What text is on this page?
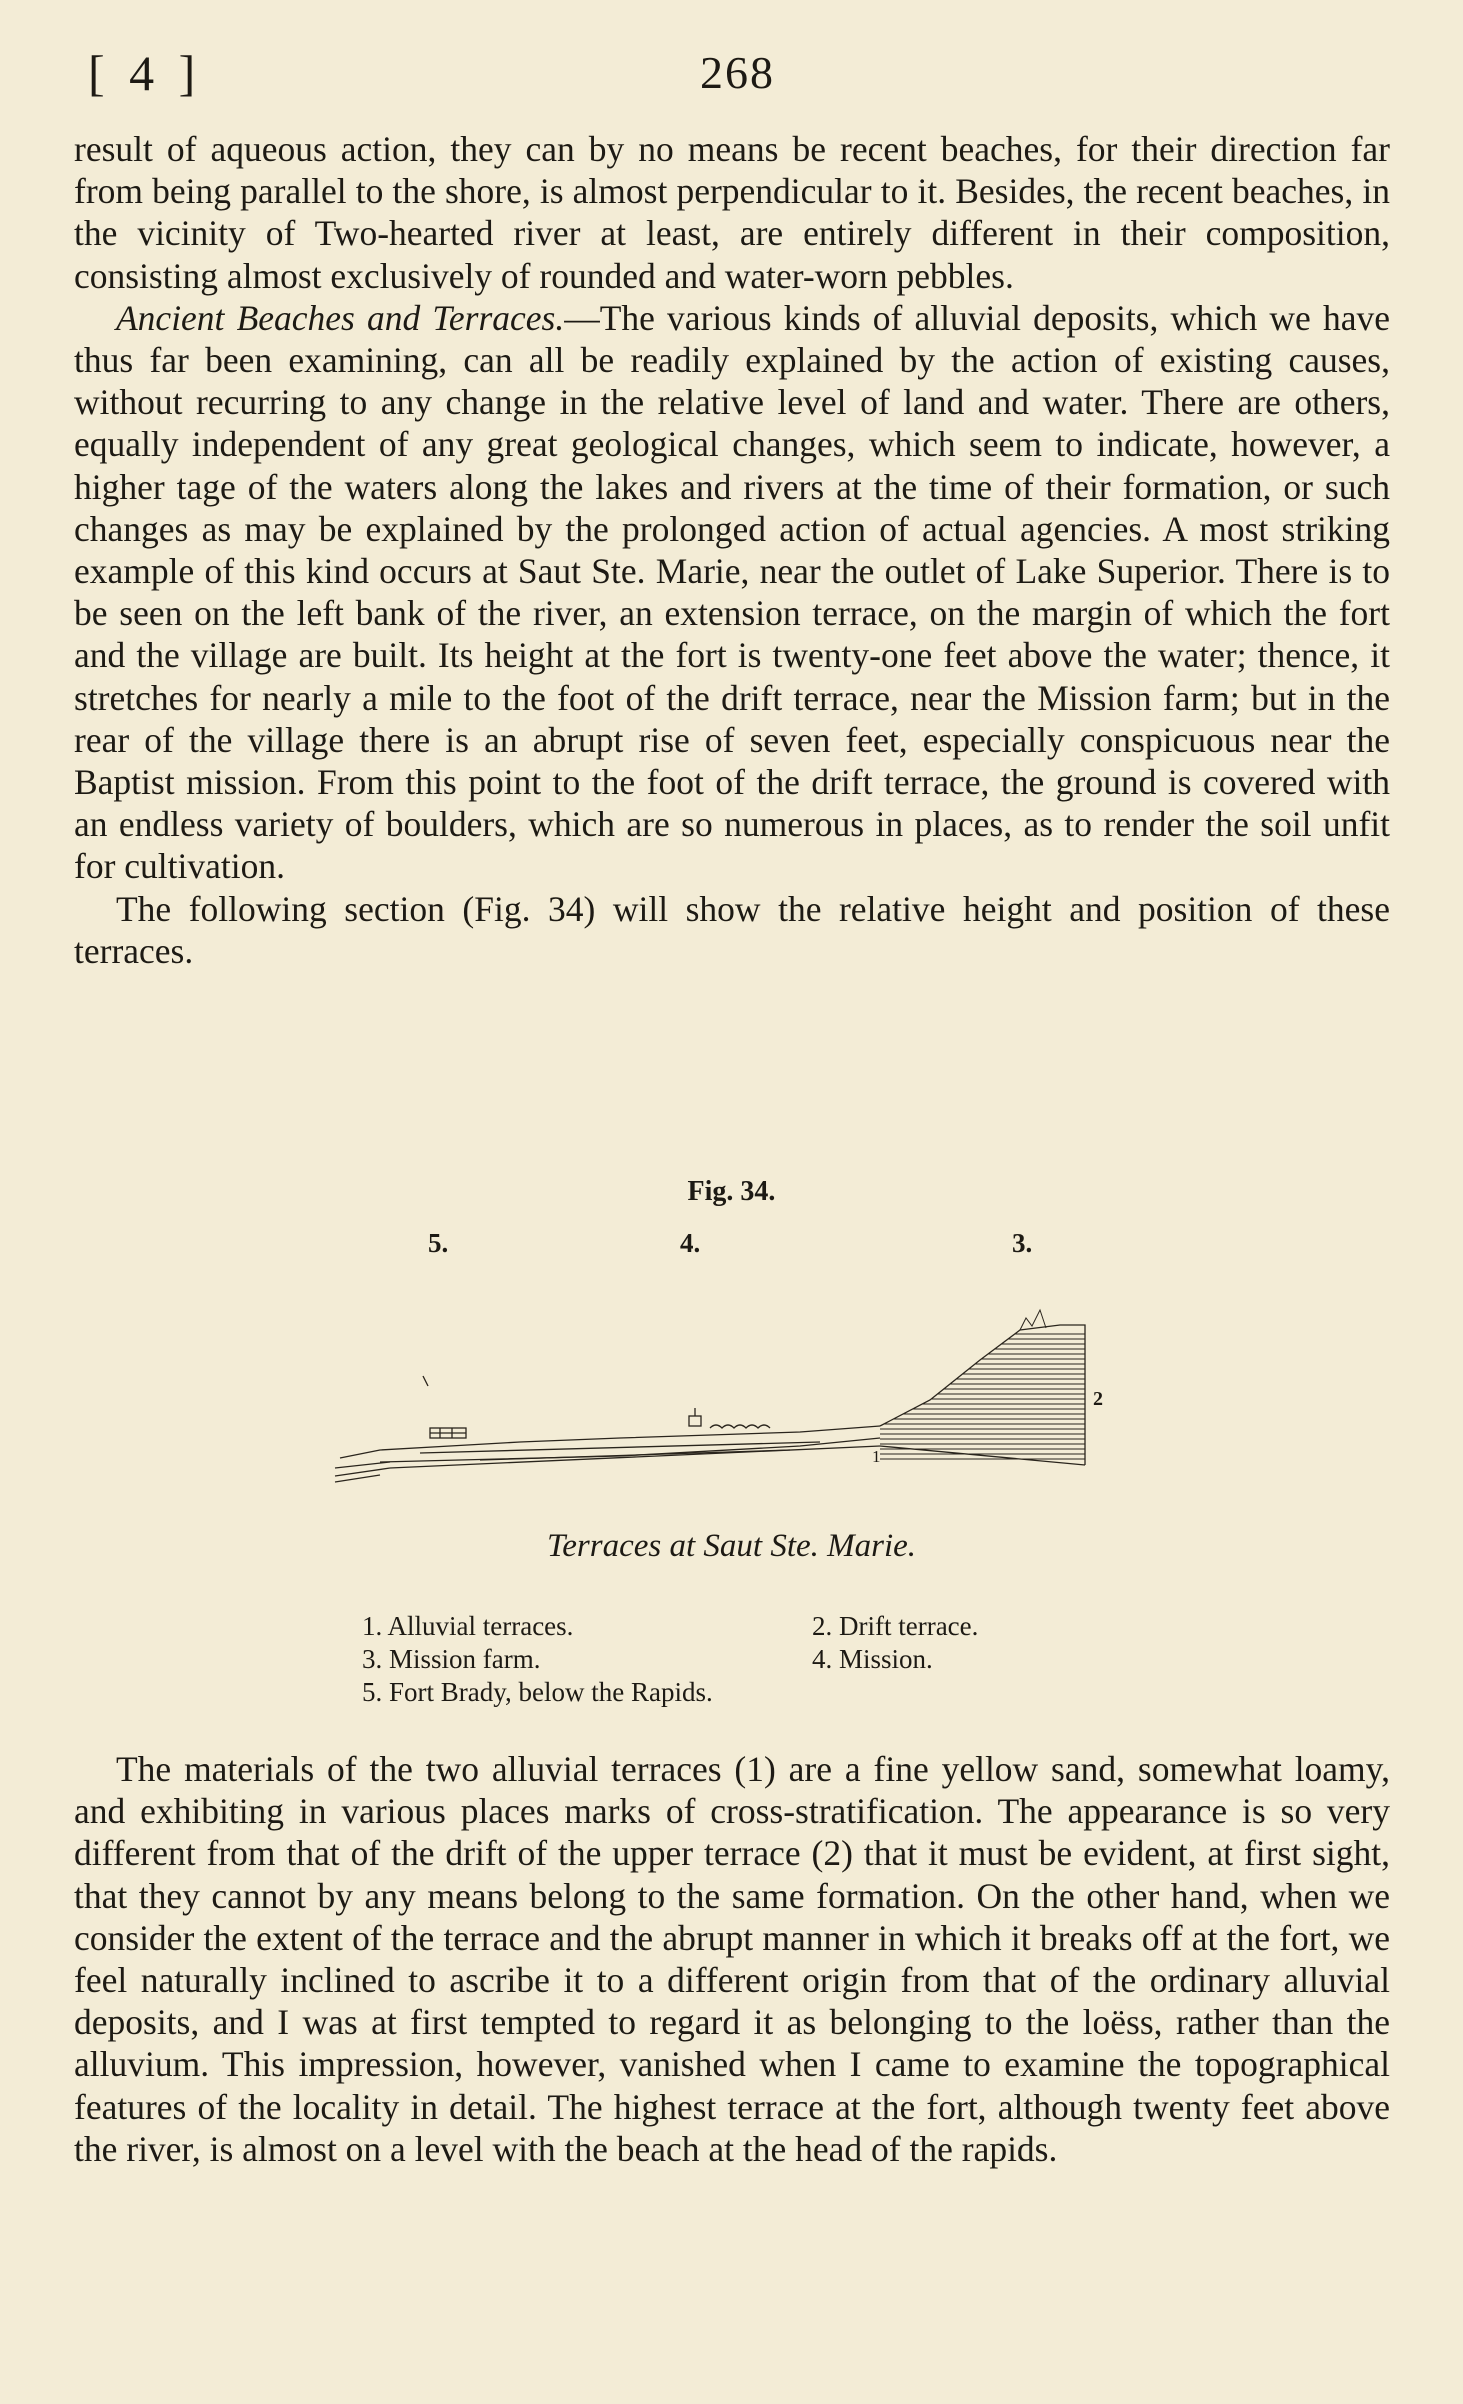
[ 4 ]	268

result of aqueous action, they can by no means be recent beaches, for their direction far from being parallel to the shore, is almost perpendicular to it. Besides, the recent beaches, in the vicinity of Two-hearted river at least, are entirely different in their composition, consisting almost exclusively of rounded and water-worn pebbles.

Ancient Beaches and Terraces.—The various kinds of alluvial deposits, which we have thus far been examining, can all be readily explained by the action of existing causes, without recurring to any change in the relative level of land and water. There are others, equally independent of any great geological changes, which seem to indicate, however, a higher tage of the waters along the lakes and rivers at the time of their formation, or such changes as may be explained by the prolonged action of actual agencies. A most striking example of this kind occurs at Saut Ste. Marie, near the outlet of Lake Superior. There is to be seen on the left bank of the river, an extension terrace, on the margin of which the fort and the village are built. Its height at the fort is twenty-one feet above the water; thence, it stretches for nearly a mile to the foot of the drift terrace, near the Mission farm; but in the rear of the village there is an abrupt rise of seven feet, especially conspicuous near the Baptist mission. From this point to the foot of the drift terrace, the ground is covered with an endless variety of boulders, which are so numerous in places, as to render the soil unfit for cultivation.

The following section (Fig. 34) will show the relative height and position of these terraces.

Fig. 34.
5.	4.	3.
1
2
Terraces at Saut Ste. Marie.
1. Alluvial terraces.	2. Drift terrace.
3. Mission farm.	4. Mission.
5. Fort Brady, below the Rapids.

The materials of the two alluvial terraces (1) are a fine yellow sand, somewhat loamy, and exhibiting in various places marks of cross-stratification. The appearance is so very different from that of the drift of the upper terrace (2) that it must be evident, at first sight, that they cannot by any means belong to the same formation. On the other hand, when we consider the extent of the terrace and the abrupt manner in which it breaks off at the fort, we feel naturally inclined to ascribe it to a different origin from that of the ordinary alluvial deposits, and I was at first tempted to regard it as belonging to the loëss, rather than the alluvium. This impression, however, vanished when I came to examine the topographical features of the locality in detail. The highest terrace at the fort, although twenty feet above the river, is almost on a level with the beach at the head of the rapids.
